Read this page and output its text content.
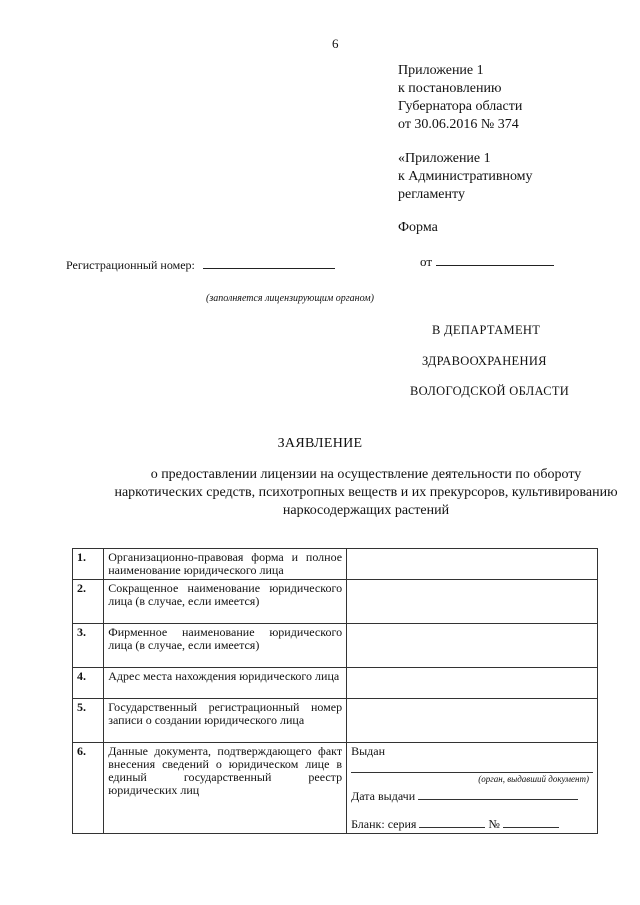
6
Приложение 1
к постановлению
Губернатора области
от 30.06.2016 № 374
«Приложение 1
к Административному
регламенту
Форма
Регистрационный номер:	от
(заполняется лицензирующим органом)
В ДЕПАРТАМЕНТ
ЗДРАВООХРАНЕНИЯ
ВОЛОГОДСКОЙ ОБЛАСТИ
ЗАЯВЛЕНИЕ
о предоставлении лицензии на осуществление деятельности по обороту наркотических средств, психотропных веществ и их прекурсоров, культивированию наркосодержащих растений
1.	Организационно-правовая форма и полное наименование юридического лица	
2.	Сокращенное наименование юридического лица (в случае, если имеется)	
3.	Фирменное наименование юридического лица (в случае, если имеется)	
4.	Адрес места нахождения юридического лица	
5.	Государственный регистрационный номер записи о создании юридического лица	
6.	Данные документа, подтверждающего факт внесения сведений о юридическом лице в единый государственный реестр юридических лиц	Выдан
(орган, выдавший документ)
Дата выдачи
Бланк: серия №
